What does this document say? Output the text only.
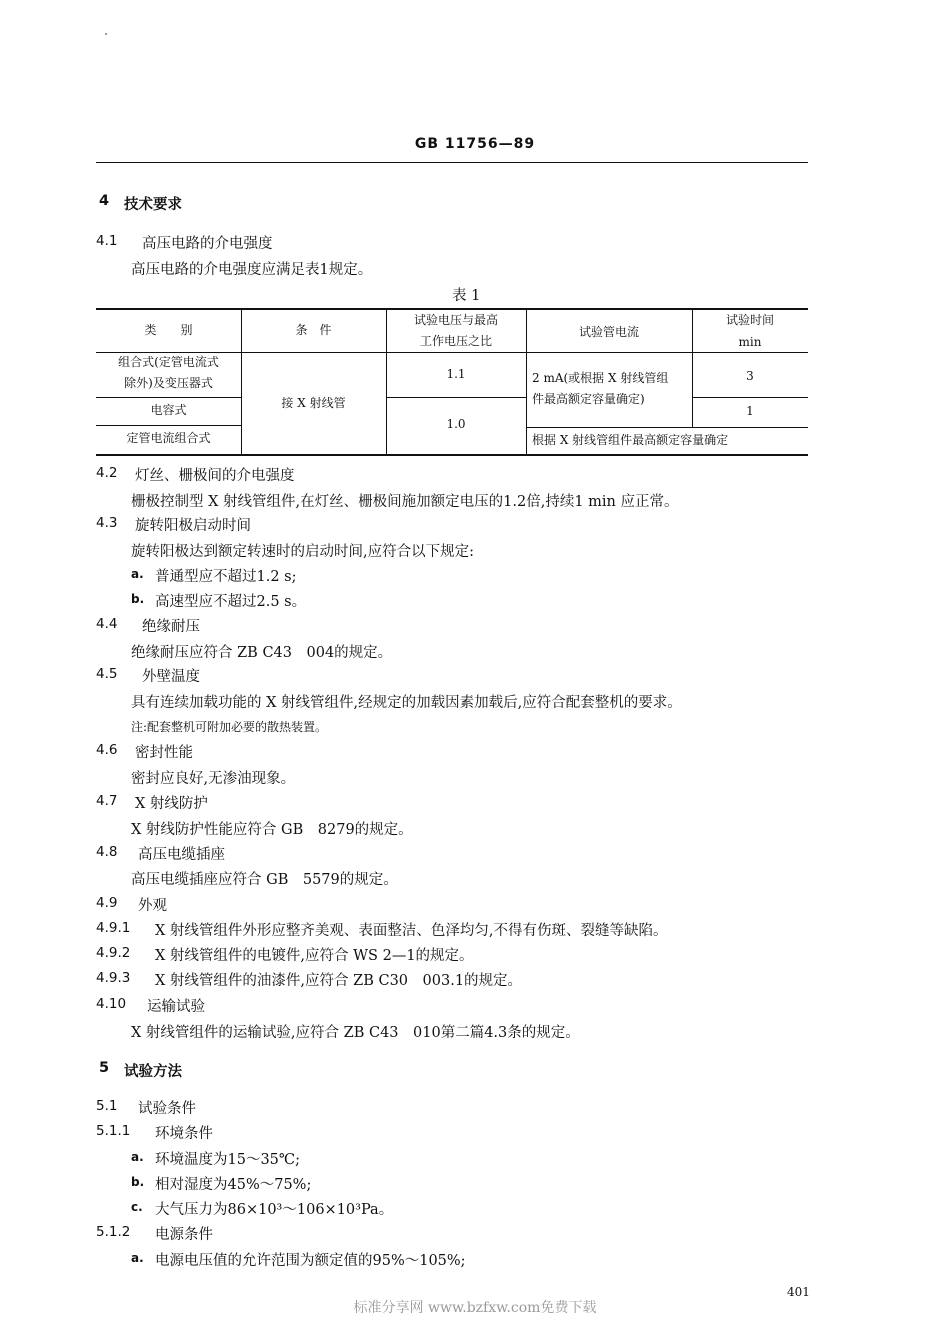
GB 11756—89
4 技术要求
4.1 高压电路的介电强度
高压电路的介电强度应满足表1规定。
表 1
类　　别	条　件
试验电压与最高
工作电压之比
试验管电流
试验时间
min
组合式(定管电流式
除外)及变压器式
电容式
定管电流组合式
接 X 射线管
1.1
1.0
2 mA(或根据 X 射线管组
件最高额定容量确定)
根据 X 射线管组件最高额定容量确定
3
1
4.2 灯丝、栅极间的介电强度
栅极控制型 X 射线管组件,在灯丝、栅极间施加额定电压的1.2倍,持续1 min 应正常。
4.3 旋转阳极启动时间
旋转阳极达到额定转速时的启动时间,应符合以下规定:
a. 普通型应不超过1.2 s;
b. 高速型应不超过2.5 s。
4.4 绝缘耐压
绝缘耐压应符合 ZB C43　004的规定。
4.5 外壁温度
具有连续加载功能的 X 射线管组件,经规定的加载因素加载后,应符合配套整机的要求。
注:配套整机可附加必要的散热装置。
4.6 密封性能
密封应良好,无渗油现象。
4.7 X 射线防护
X 射线防护性能应符合 GB　8279的规定。
4.8 高压电缆插座
高压电缆插座应符合 GB　5579的规定。
4.9 外观
4.9.1 X 射线管组件外形应整齐美观、表面整洁、色泽均匀,不得有伤斑、裂缝等缺陷。
4.9.2 X 射线管组件的电镀件,应符合 WS 2—1的规定。
4.9.3 X 射线管组件的油漆件,应符合 ZB C30　003.1的规定。
4.10 运输试验
X 射线管组件的运输试验,应符合 ZB C43　010第二篇4.3条的规定。
5 试验方法
5.1 试验条件
5.1.1 环境条件
a. 环境温度为15～35℃;
b. 相对湿度为45%～75%;
c. 大气压力为86×10³～106×10³Pa。
5.1.2 电源条件
a. 电源电压值的允许范围为额定值的95%～105%;
401
标准分享网 www.bzfxw.com免费下载
